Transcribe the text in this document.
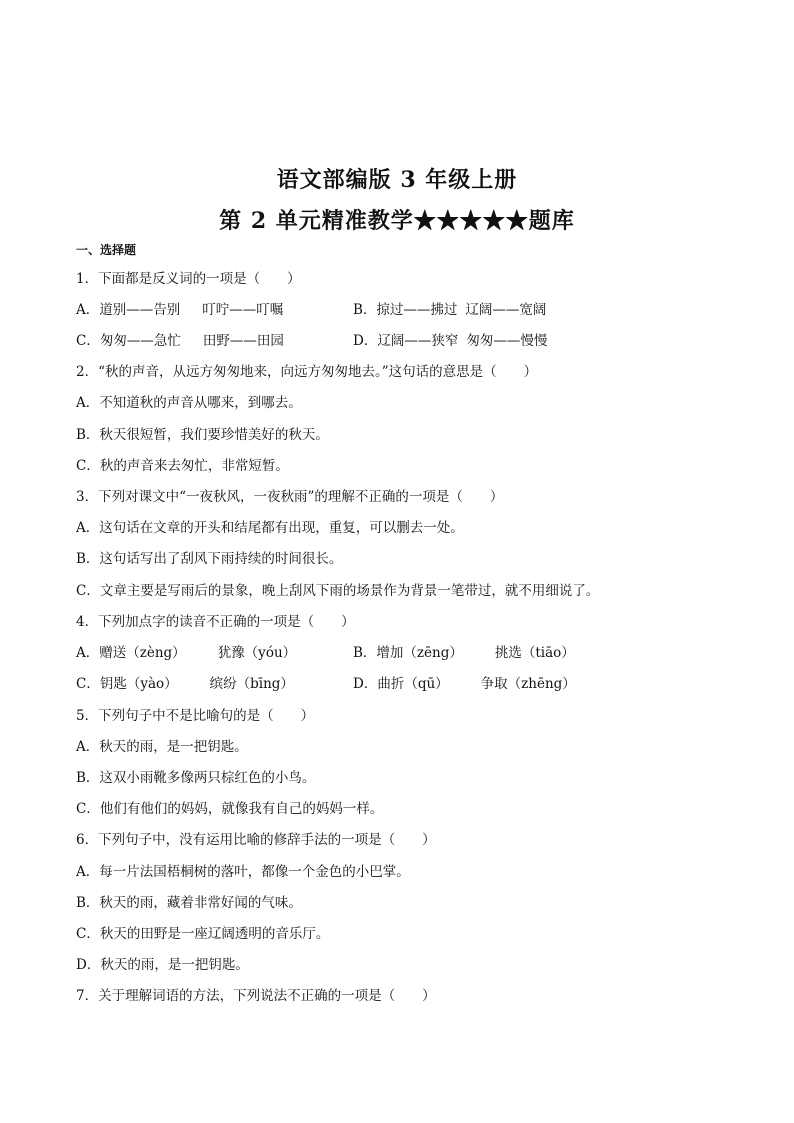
语文部编版 3 年级上册
第 2 单元精准教学★★★★★题库
一、选择题
1．下面都是反义词的一项是（　　）
A．道别——告别 叮咛——叮嘱	B．掠过——拂过 辽阔——宽阔
C．匆匆——急忙 田野——田园	D．辽阔——狭窄 匆匆——慢慢
2．“秋的声音，从远方匆匆地来，向远方匆匆地去。”这句话的意思是（　　）
A．不知道秋的声音从哪来，到哪去。
B．秋天很短暂，我们要珍惜美好的秋天。
C．秋的声音来去匆忙，非常短暂。
3．下列对课文中“一夜秋风，一夜秋雨”的理解不正确的一项是（　　）
A．这句话在文章的开头和结尾都有出现，重复，可以删去一处。
B．这句话写出了刮风下雨持续的时间很长。
C．文章主要是写雨后的景象，晚上刮风下雨的场景作为背景一笔带过，就不用细说了。
4．下列加点字的读音不正确的一项是（　　）
A．赠送（zèng） 犹豫（yóu）	B．增加（zēng） 挑选（tiāo）
C．钥匙（yào） 缤纷（bīng）	D．曲折（qū） 争取（zhēng）
5．下列句子中不是比喻句的是（　　）
A．秋天的雨，是一把钥匙。
B．这双小雨靴多像两只棕红色的小鸟。
C．他们有他们的妈妈，就像我有自己的妈妈一样。
6．下列句子中，没有运用比喻的修辞手法的一项是（　　）
A．每一片法国梧桐树的落叶，都像一个金色的小巴掌。
B．秋天的雨，藏着非常好闻的气味。
C．秋天的田野是一座辽阔透明的音乐厅。
D．秋天的雨，是一把钥匙。
7．关于理解词语的方法，下列说法不正确的一项是（　　）
